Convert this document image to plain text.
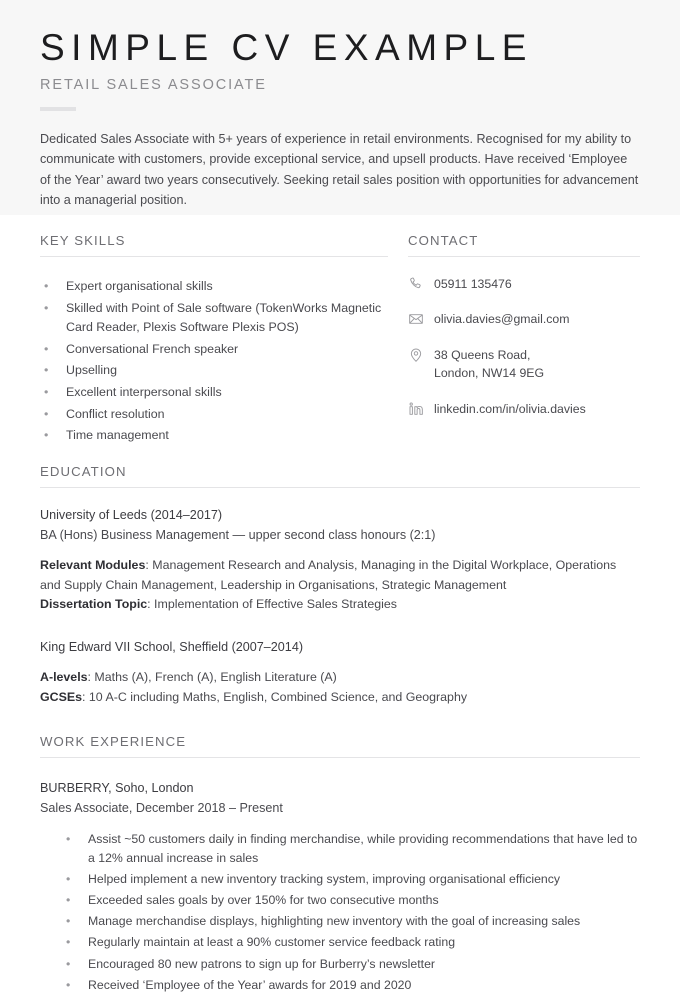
SIMPLE CV EXAMPLE
RETAIL SALES ASSOCIATE

Dedicated Sales Associate with 5+ years of experience in retail environments. Recognised for my ability to communicate with customers, provide exceptional service, and upsell products. Have received ‘Employee of the Year’ award two years consecutively. Seeking retail sales position with opportunities for advancement into a managerial position.

KEY SKILLS
• Expert organisational skills
• Skilled with Point of Sale software (TokenWorks Magnetic Card Reader, Plexis Software Plexis POS)
• Conversational French speaker
• Upselling
• Excellent interpersonal skills
• Conflict resolution
• Time management
CONTACT
05911 135476
olivia.davies@gmail.com
38 Queens Road,
London, NW14 9EG
linkedin.com/in/olivia.davies
EDUCATION
University of Leeds (2014–2017)
BA (Hons) Business Management — upper second class honours (2:1)
Relevant Modules: Management Research and Analysis, Managing in the Digital Workplace, Operations and Supply Chain Management, Leadership in Organisations, Strategic Management
Dissertation Topic: Implementation of Effective Sales Strategies
King Edward VII School, Sheffield (2007–2014)
A-levels: Maths (A), French (A), English Literature (A)
GCSEs: 10 A-C including Maths, English, Combined Science, and Geography
WORK EXPERIENCE
BURBERRY, Soho, London
Sales Associate, December 2018 – Present
• Assist ~50 customers daily in finding merchandise, while providing recommendations that have led to a 12% annual increase in sales
• Helped implement a new inventory tracking system, improving organisational efficiency
• Exceeded sales goals by over 150% for two consecutive months
• Manage merchandise displays, highlighting new inventory with the goal of increasing sales
• Regularly maintain at least a 90% customer service feedback rating
• Encouraged 80 new patrons to sign up for Burberry’s newsletter
• Received ‘Employee of the Year’ awards for 2019 and 2020
